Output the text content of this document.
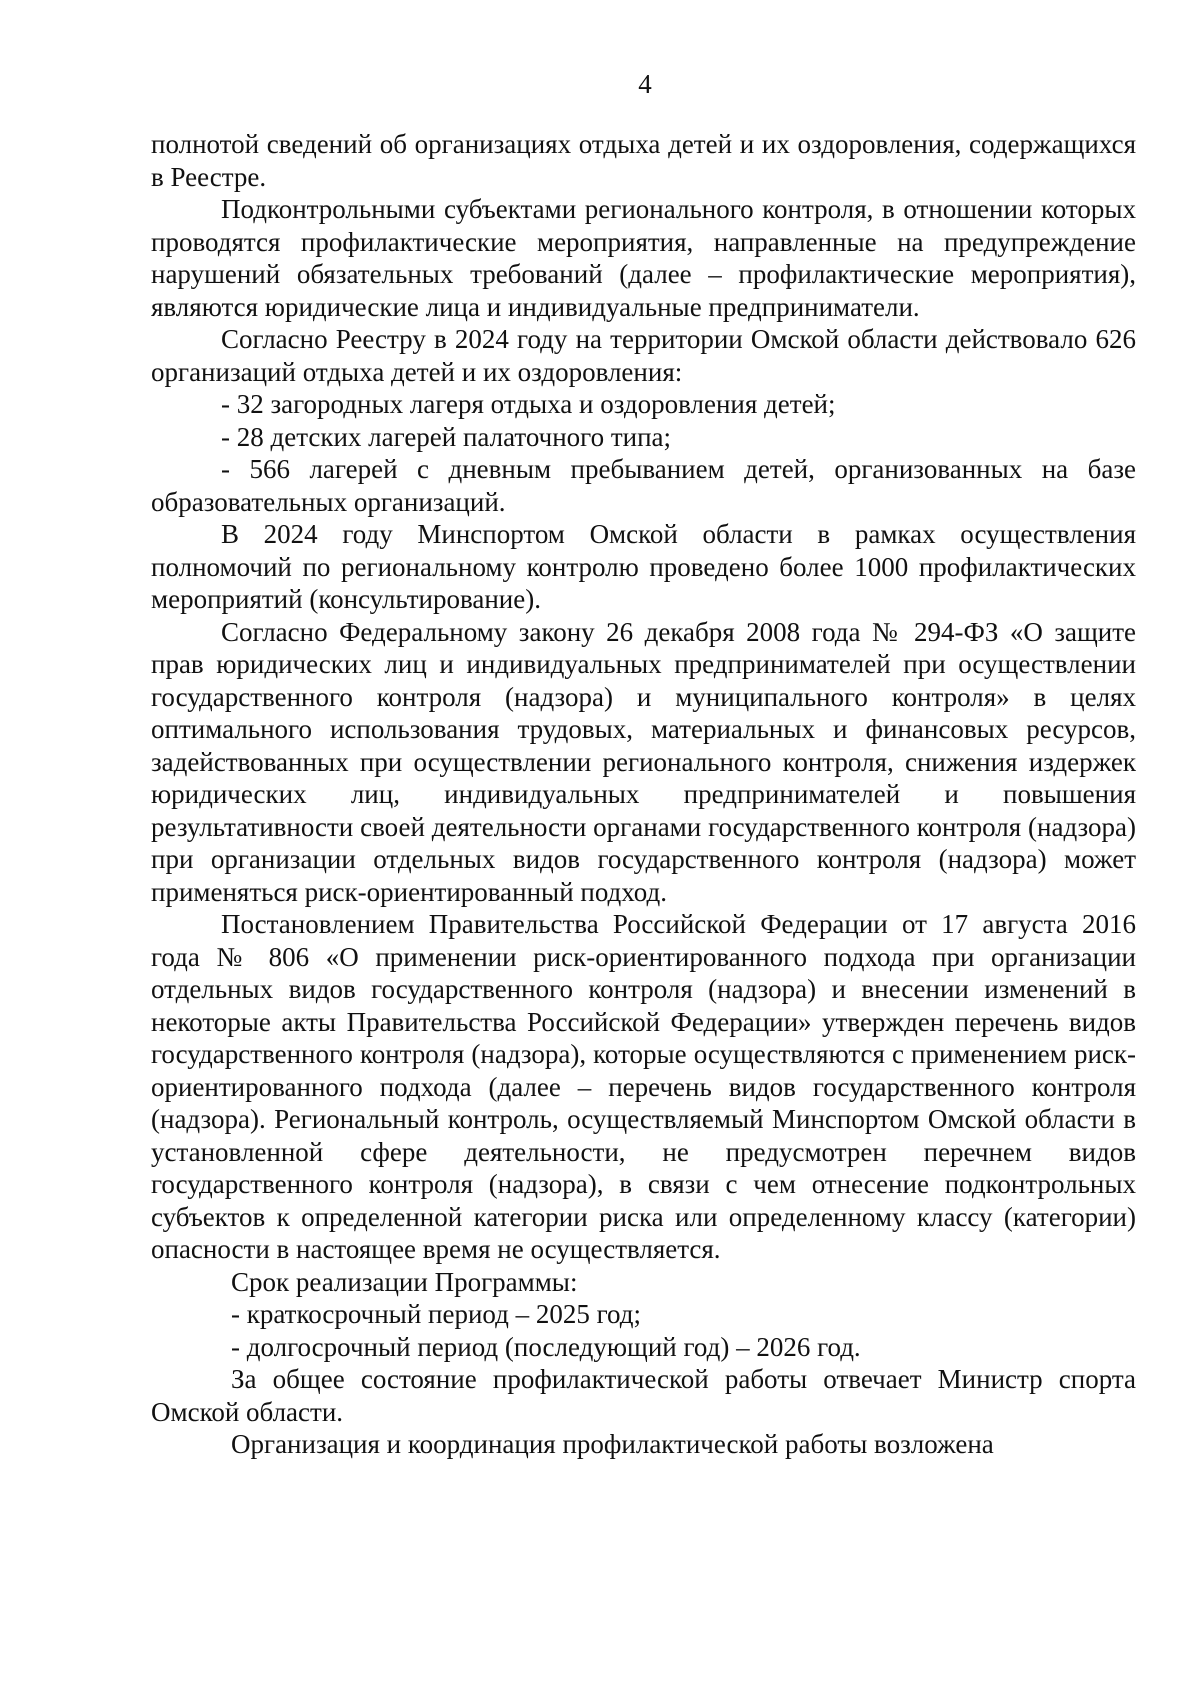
4

полнотой сведений об организациях отдыха детей и их оздоровления, содержащихся в Реестре.

Подконтрольными субъектами регионального контроля, в отношении которых проводятся профилактические мероприятия, направленные на предупреждение нарушений обязательных требований (далее – профилактические мероприятия), являются юридические лица и индивидуальные предприниматели.

Согласно Реестру в 2024 году на территории Омской области действовало 626 организаций отдыха детей и их оздоровления:

- 32 загородных лагеря отдыха и оздоровления детей;

- 28 детских лагерей палаточного типа;

- 566 лагерей с дневным пребыванием детей, организованных на базе образовательных организаций.

В 2024 году Минспортом Омской области в рамках осуществления полномочий по региональному контролю проведено более 1000 профилактических мероприятий (консультирование).

Согласно Федеральному закону 26 декабря 2008 года № 294-ФЗ «О защите прав юридических лиц и индивидуальных предпринимателей при осуществлении государственного контроля (надзора) и муниципального контроля» в целях оптимального использования трудовых, материальных и финансовых ресурсов, задействованных при осуществлении регионального контроля, снижения издержек юридических лиц, индивидуальных предпринимателей и повышения результативности своей деятельности органами государственного контроля (надзора) при организации отдельных видов государственного контроля (надзора) может применяться риск-ориентированный подход.

Постановлением Правительства Российской Федерации от 17 августа 2016 года № 806 «О применении риск-ориентированного подхода при организации отдельных видов государственного контроля (надзора) и внесении изменений в некоторые акты Правительства Российской Федерации» утвержден перечень видов государственного контроля (надзора), которые осуществляются с применением риск-ориентированного подхода (далее – перечень видов государственного контроля (надзора). Региональный контроль, осуществляемый Минспортом Омской области в установленной сфере деятельности, не предусмотрен перечнем видов государственного контроля (надзора), в связи с чем отнесение подконтрольных субъектов к определенной категории риска или определенному классу (категории) опасности в настоящее время не осуществляется.

Срок реализации Программы:

- краткосрочный период – 2025 год;

- долгосрочный период (последующий год) – 2026 год.

За общее состояние профилактической работы отвечает Министр спорта Омской области.

Организация и координация профилактической работы возложена
